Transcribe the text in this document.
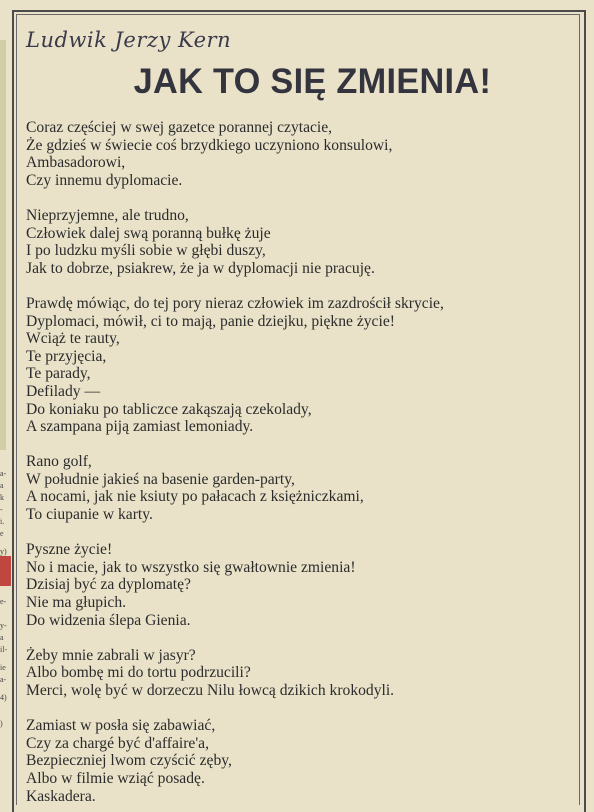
a-
a
k
-
i.
e
y)
e-
y-
a
il-
ie
a-
4)
)
Ludwik Jerzy Kern
JAK TO SIĘ ZMIENIA!
Coraz częściej w swej gazetce porannej czytacie,
Że gdzieś w świecie coś brzydkiego uczyniono konsulowi,
Ambasadorowi,
Czy innemu dyplomacie.
Nieprzyjemne, ale trudno,
Człowiek dalej swą poranną bułkę żuje
I po ludzku myśli sobie w głębi duszy,
Jak to dobrze, psiakrew, że ja w dyplomacji nie pracuję.
Prawdę mówiąc, do tej pory nieraz człowiek im zazdrościł skrycie,
Dyplomaci, mówił, ci to mają, panie dziejku, piękne życie!
Wciąż te rauty,
Te przyjęcia,
Te parady,
Defilady —
Do koniaku po tabliczce zakąszają czekolady,
A szampana piją zamiast lemoniady.
Rano golf,
W południe jakieś na basenie garden-party,
A nocami, jak nie ksiuty po pałacach z księżniczkami,
To ciupanie w karty.
Pyszne życie!
No i macie, jak to wszystko się gwałtownie zmienia!
Dzisiaj być za dyplomatę?
Nie ma głupich.
Do widzenia ślepa Gienia.
Żeby mnie zabrali w jasyr?
Albo bombę mi do tortu podrzucili?
Merci, wolę być w dorzeczu Nilu łowcą dzikich krokodyli.
Zamiast w posła się zabawiać,
Czy za chargé być d'affaire'a,
Bezpieczniej lwom czyścić zęby,
Albo w filmie wziąć posadę.
Kaskadera.
